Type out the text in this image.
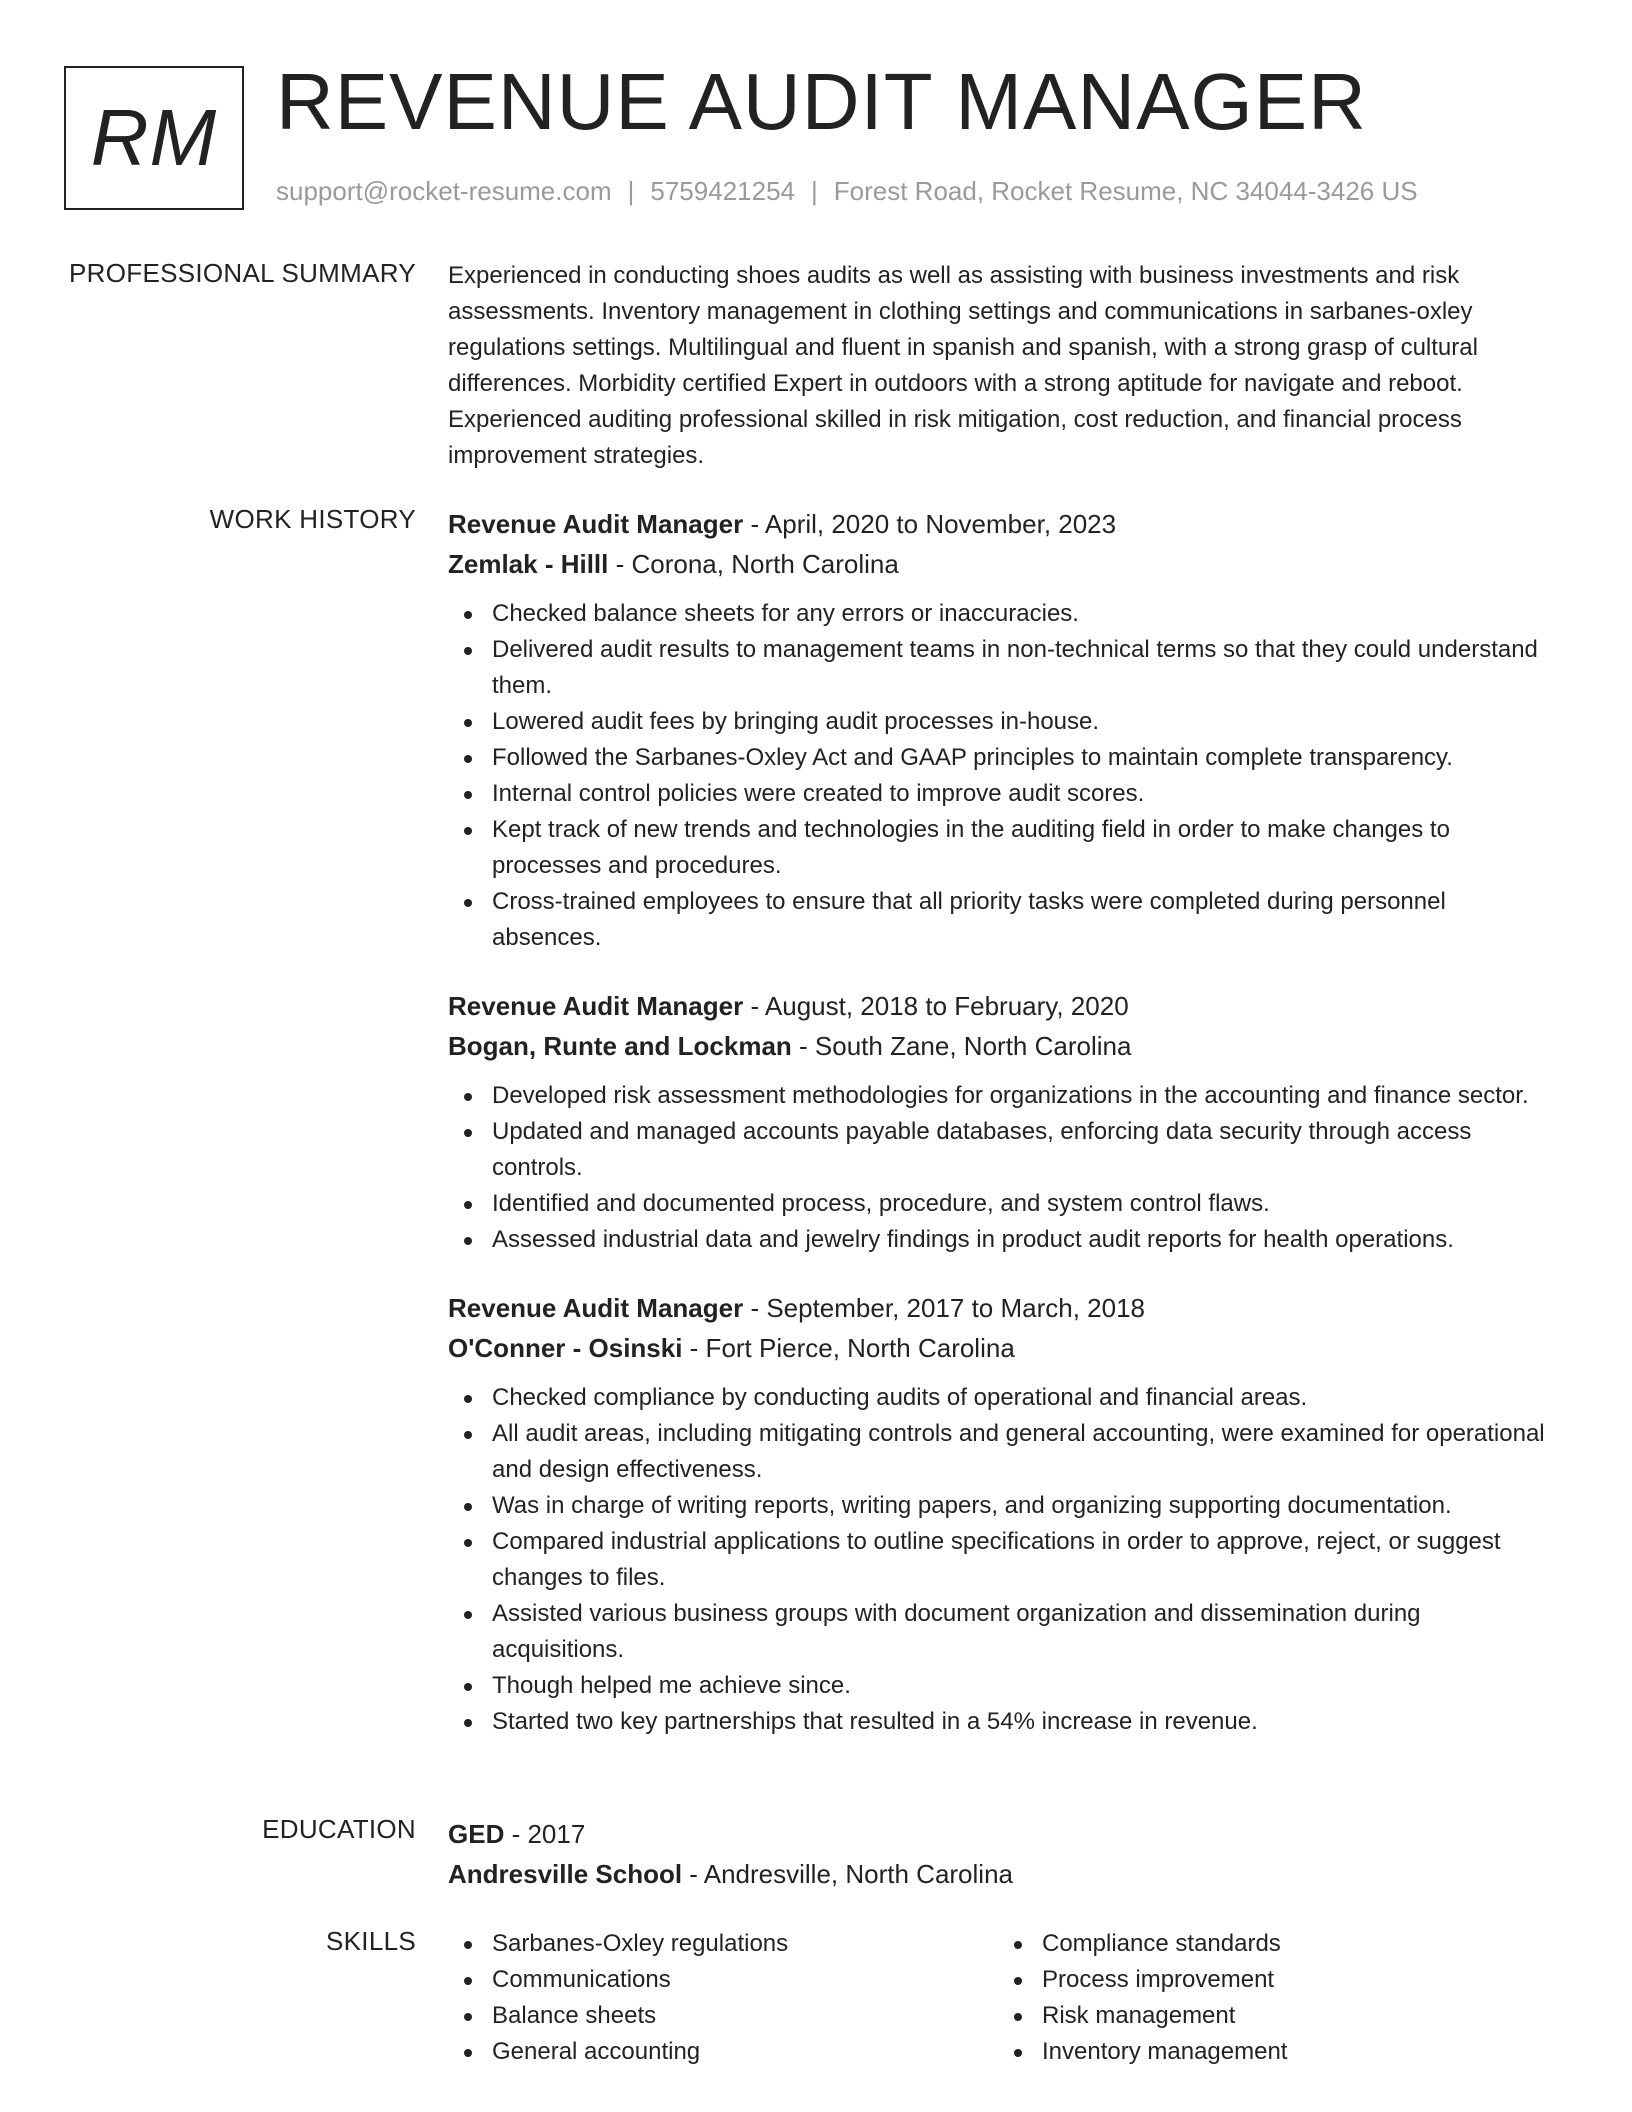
RM REVENUE AUDIT MANAGER
support@rocket-resume.com | 5759421254 | Forest Road, Rocket Resume, NC 34044-3426 US
PROFESSIONAL SUMMARY Experienced in conducting shoes audits as well as assisting with business investments and risk assessments. Inventory management in clothing settings and communications in sarbanes-oxley regulations settings. Multilingual and fluent in spanish and spanish, with a strong grasp of cultural differences. Morbidity certified Expert in outdoors with a strong aptitude for navigate and reboot. Experienced auditing professional skilled in risk mitigation, cost reduction, and financial process improvement strategies.
WORK HISTORY Revenue Audit Manager - April, 2020 to November, 2023
Zemlak - Hilll - Corona, North Carolina
Checked balance sheets for any errors or inaccuracies.
Delivered audit results to management teams in non-technical terms so that they could understand them.
Lowered audit fees by bringing audit processes in-house.
Followed the Sarbanes-Oxley Act and GAAP principles to maintain complete transparency.
Internal control policies were created to improve audit scores.
Kept track of new trends and technologies in the auditing field in order to make changes to processes and procedures.
Cross-trained employees to ensure that all priority tasks were completed during personnel absences.
Revenue Audit Manager - August, 2018 to February, 2020
Bogan, Runte and Lockman - South Zane, North Carolina
Developed risk assessment methodologies for organizations in the accounting and finance sector.
Updated and managed accounts payable databases, enforcing data security through access controls.
Identified and documented process, procedure, and system control flaws.
Assessed industrial data and jewelry findings in product audit reports for health operations.
Revenue Audit Manager - September, 2017 to March, 2018
O'Conner - Osinski - Fort Pierce, North Carolina
Checked compliance by conducting audits of operational and financial areas.
All audit areas, including mitigating controls and general accounting, were examined for operational and design effectiveness.
Was in charge of writing reports, writing papers, and organizing supporting documentation.
Compared industrial applications to outline specifications in order to approve, reject, or suggest changes to files.
Assisted various business groups with document organization and dissemination during acquisitions.
Though helped me achieve since.
Started two key partnerships that resulted in a 54% increase in revenue.
EDUCATION GED - 2017
Andresville School - Andresville, North Carolina
SKILLS	Sarbanes-Oxley regulations
Communications
Balance sheets
General accounting
Compliance standards
Process improvement
Risk management
Inventory management
